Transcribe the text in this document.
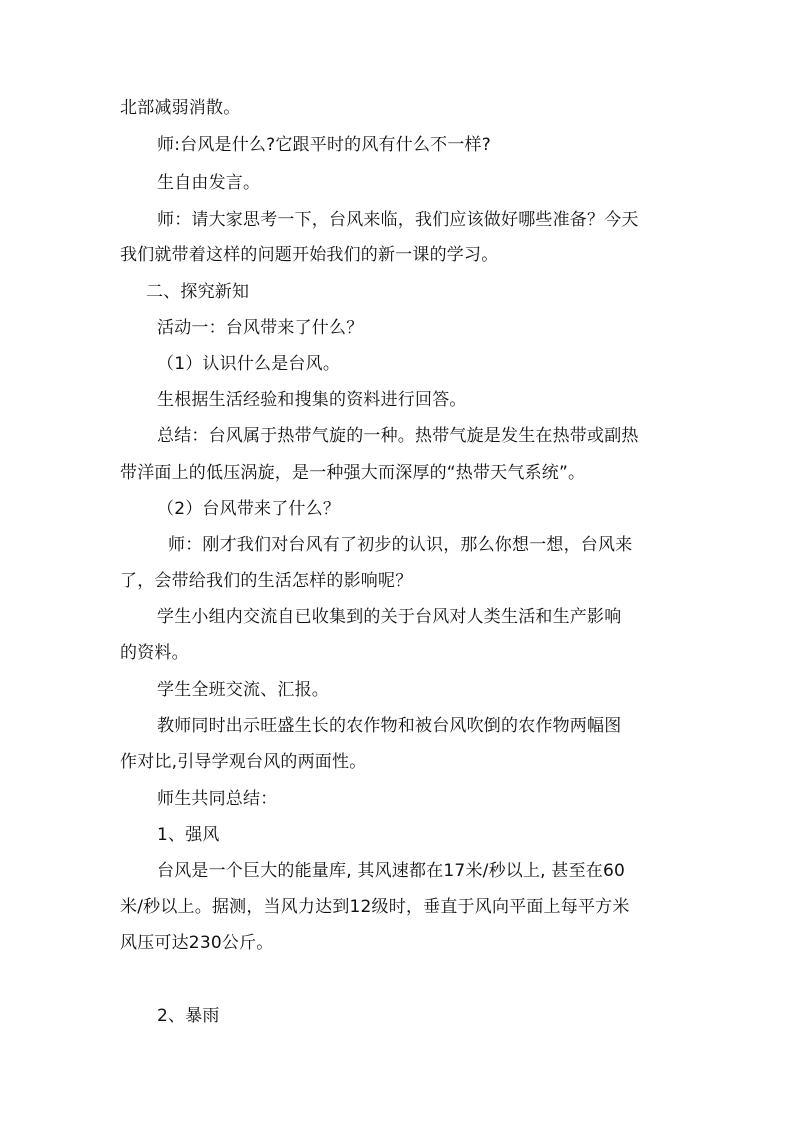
北部减弱消散。
师:台风是什么?它跟平时的风有什么不一样?
生自由发言。
师：请大家思考一下，台风来临，我们应该做好哪些准备？今天
我们就带着这样的问题开始我们的新一课的学习。
二、探究新知
活动一：台风带来了什么？
（1）认识什么是台风。
生根据生活经验和搜集的资料进行回答。
总结：台风属于热带气旋的一种。热带气旋是发生在热带或副热
带洋面上的低压涡旋，是一种强大而深厚的“热带天气系统”。
（2）台风带来了什么？
师：刚才我们对台风有了初步的认识，那么你想一想，台风来
了，会带给我们的生活怎样的影响呢？
学生小组内交流自已收集到的关于台风对人类生活和生产影响
的资料。
学生全班交流、汇报。
教师同时出示旺盛生长的农作物和被台风吹倒的农作物两幅图
作对比,引导学观台风的两面性。
师生共同总结：
1、强风
台风是一个巨大的能量库, 其风速都在17米/秒以上, 甚至在60
米/秒以上。据测，当风力达到12级时，垂直于风向平面上每平方米
风压可达230公斤。
2、暴雨
